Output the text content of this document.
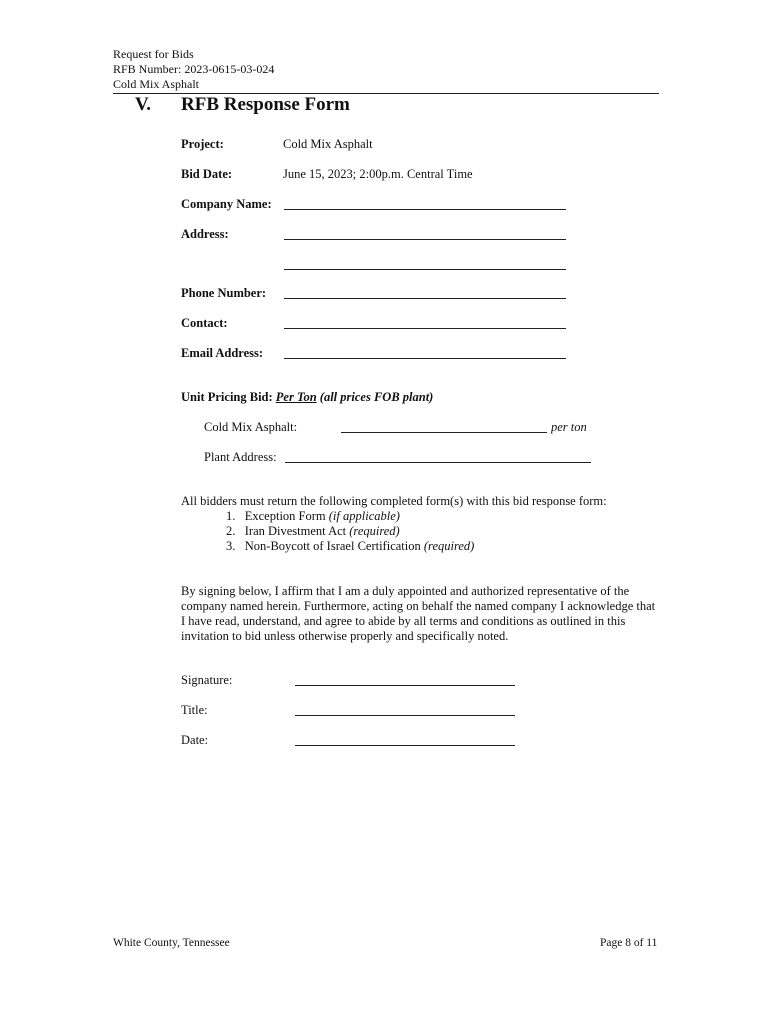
Request for Bids
RFB Number: 2023-0615-03-024
Cold Mix Asphalt
V. RFB Response Form
Project:	Cold Mix Asphalt
Bid Date:	June 15, 2023; 2:00p.m. Central Time
Company Name:
Address:
Phone Number:
Contact:
Email Address:
Unit Pricing Bid: Per Ton (all prices FOB plant)
Cold Mix Asphalt:	per ton
Plant Address:
All bidders must return the following completed form(s) with this bid response form:
1. Exception Form (if applicable)
2. Iran Divestment Act (required)
3. Non-Boycott of Israel Certification (required)
By signing below, I affirm that I am a duly appointed and authorized representative of the company named herein. Furthermore, acting on behalf the named company I acknowledge that I have read, understand, and agree to abide by all terms and conditions as outlined in this invitation to bid unless otherwise properly and specifically noted.
Signature:
Title:
Date:
White County, Tennessee	Page 8 of 11
